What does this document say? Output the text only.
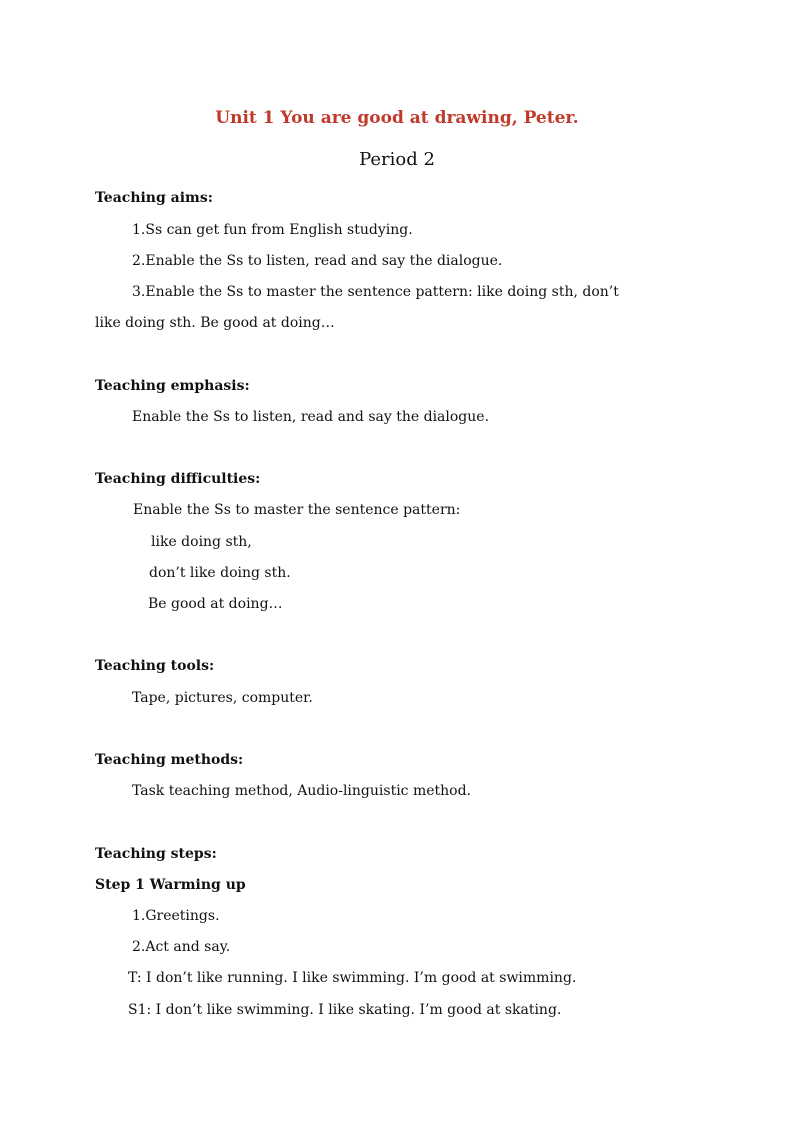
Unit 1 You are good at drawing, Peter.
Period 2
Teaching aims:
1.Ss can get fun from English studying.
2.Enable the Ss to listen, read and say the dialogue.
3.Enable the Ss to master the sentence pattern: like doing sth, don’t
like doing sth. Be good at doing…
Teaching emphasis:
Enable the Ss to listen, read and say the dialogue.
Teaching difficulties:
Enable the Ss to master the sentence pattern:
like doing sth,
don’t like doing sth.
Be good at doing…
Teaching tools:
Tape, pictures, computer.
Teaching methods:
Task teaching method, Audio-linguistic method.
Teaching steps:
Step 1 Warming up
1.Greetings.
2.Act and say.
T: I don’t like running. I like swimming. I’m good at swimming.
S1: I don’t like swimming. I like skating. I’m good at skating.
